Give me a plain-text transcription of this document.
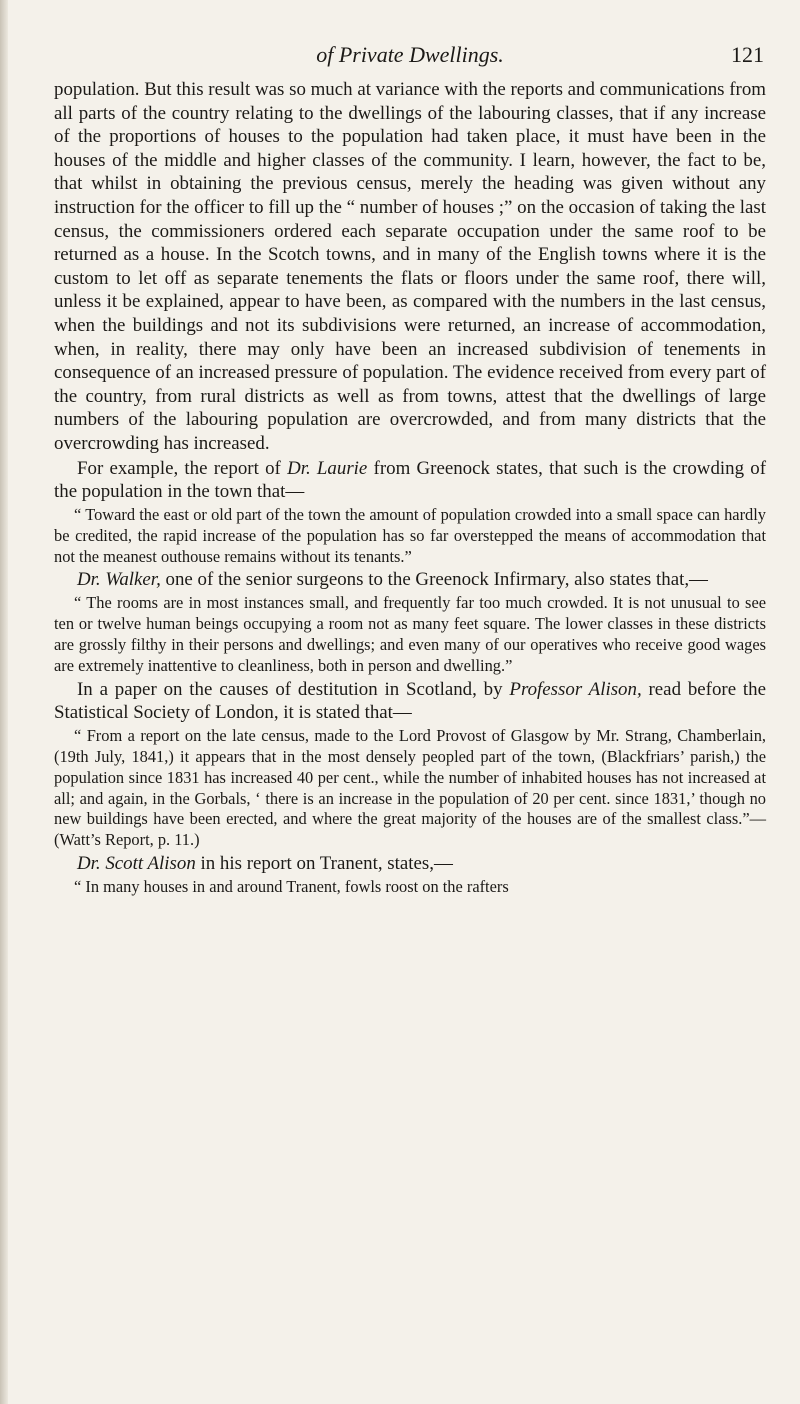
of Private Dwellings.	121

population. But this result was so much at variance with the reports and communications from all parts of the country relating to the dwellings of the labouring classes, that if any increase of the proportions of houses to the population had taken place, it must have been in the houses of the middle and higher classes of the community. I learn, however, the fact to be, that whilst in obtaining the previous census, merely the heading was given without any instruction for the officer to fill up the “ number of houses ;” on the occasion of taking the last census, the commissioners ordered each separate occupation under the same roof to be returned as a house. In the Scotch towns, and in many of the English towns where it is the custom to let off as separate tenements the flats or floors under the same roof, there will, unless it be explained, appear to have been, as compared with the numbers in the last census, when the buildings and not its subdivisions were returned, an increase of accommodation, when, in reality, there may only have been an increased subdivision of tenements in consequence of an increased pressure of population. The evidence received from every part of the country, from rural districts as well as from towns, attest that the dwellings of large numbers of the labouring population are overcrowded, and from many districts that the overcrowding has increased.

For example, the report of Dr. Laurie from Greenock states, that such is the crowding of the population in the town that—

“ Toward the east or old part of the town the amount of population crowded into a small space can hardly be credited, the rapid increase of the population has so far overstepped the means of accommodation that not the meanest outhouse remains without its tenants.”

Dr. Walker, one of the senior surgeons to the Greenock Infirmary, also states that,—

“ The rooms are in most instances small, and frequently far too much crowded. It is not unusual to see ten or twelve human beings occupying a room not as many feet square. The lower classes in these districts are grossly filthy in their persons and dwellings; and even many of our operatives who receive good wages are extremely inattentive to cleanliness, both in person and dwelling.”

In a paper on the causes of destitution in Scotland, by Professor Alison, read before the Statistical Society of London, it is stated that—

“ From a report on the late census, made to the Lord Provost of Glasgow by Mr. Strang, Chamberlain, (19th July, 1841,) it appears that in the most densely peopled part of the town, (Blackfriars’ parish,) the population since 1831 has increased 40 per cent., while the number of inhabited houses has not increased at all; and again, in the Gorbals, ‘ there is an increase in the population of 20 per cent. since 1831,’ though no new buildings have been erected, and where the great majority of the houses are of the smallest class.”—(Watt’s Report, p. 11.)

Dr. Scott Alison in his report on Tranent, states,—

“ In many houses in and around Tranent, fowls roost on the rafters
